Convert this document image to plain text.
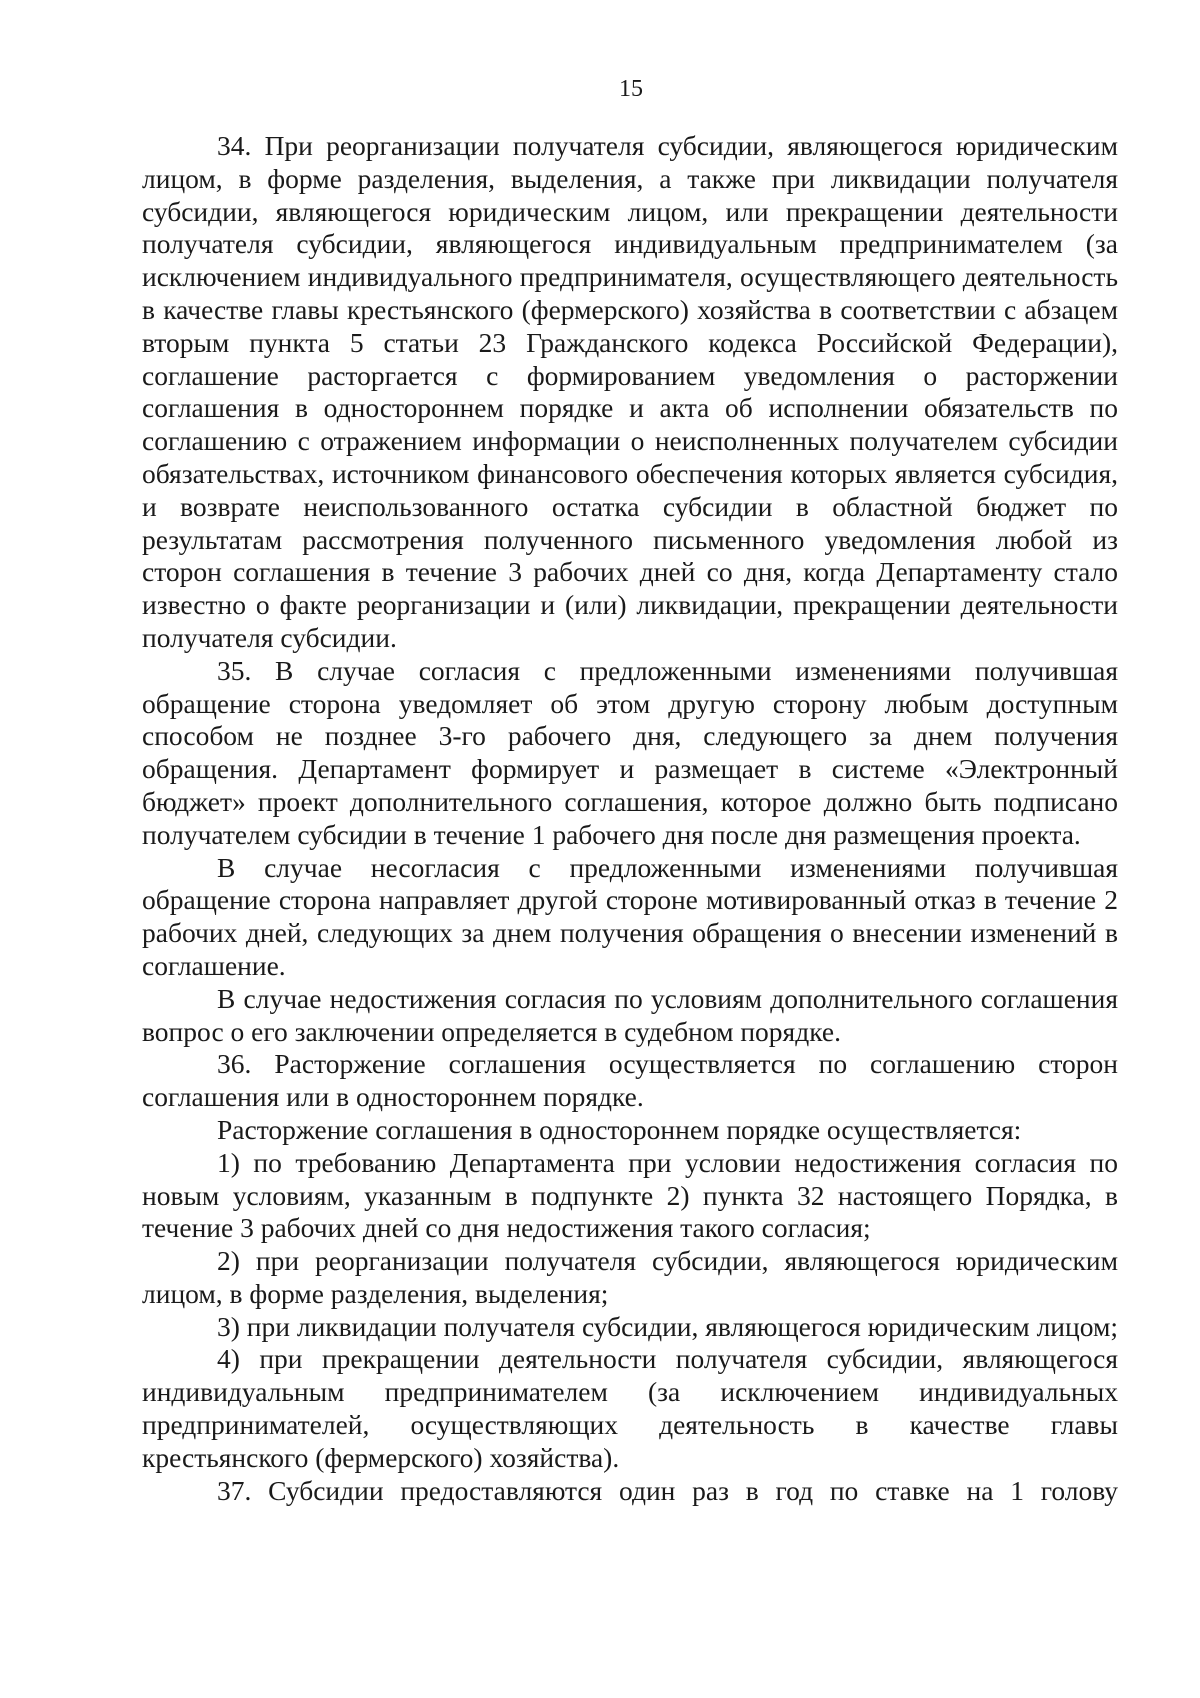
15

34. При реорганизации получателя субсидии, являющегося юридическим лицом, в форме разделения, выделения, а также при ликвидации получателя субсидии, являющегося юридическим лицом, или прекращении деятельности получателя субсидии, являющегося индивидуальным предпринимателем (за исключением индивидуального предпринимателя, осуществляющего деятельность в качестве главы крестьянского (фермерского) хозяйства в соответствии с абзацем вторым пункта 5 статьи 23 Гражданского кодекса Российской Федерации), соглашение расторгается с формированием уведомления о расторжении соглашения в одностороннем порядке и акта об исполнении обязательств по соглашению с отражением информации о неисполненных получателем субсидии обязательствах, источником финансового обеспечения которых является субсидия, и возврате неиспользованного остатка субсидии в областной бюджет по результатам рассмотрения полученного письменного уведомления любой из сторон соглашения в течение 3 рабочих дней со дня, когда Департаменту стало известно о факте реорганизации и (или) ликвидации, прекращении деятельности получателя субсидии.

35. В случае согласия с предложенными изменениями получившая обращение сторона уведомляет об этом другую сторону любым доступным способом не позднее 3-го рабочего дня, следующего за днем получения обращения. Департамент формирует и размещает в системе «Электронный бюджет» проект дополнительного соглашения, которое должно быть подписано получателем субсидии в течение 1 рабочего дня после дня размещения проекта.

В случае несогласия с предложенными изменениями получившая обращение сторона направляет другой стороне мотивированный отказ в течение 2 рабочих дней, следующих за днем получения обращения о внесении изменений в соглашение.

В случае недостижения согласия по условиям дополнительного соглашения вопрос о его заключении определяется в судебном порядке.

36. Расторжение соглашения осуществляется по соглашению сторон соглашения или в одностороннем порядке.

Расторжение соглашения в одностороннем порядке осуществляется:

1) по требованию Департамента при условии недостижения согласия по новым условиям, указанным в подпункте 2) пункта 32 настоящего Порядка, в течение 3 рабочих дней со дня недостижения такого согласия;

2) при реорганизации получателя субсидии, являющегося юридическим лицом, в форме разделения, выделения;

3) при ликвидации получателя субсидии, являющегося юридическим лицом;

4) при прекращении деятельности получателя субсидии, являющегося индивидуальным предпринимателем (за исключением индивидуальных предпринимателей, осуществляющих деятельность в качестве главы крестьянского (фермерского) хозяйства).

37. Субсидии предоставляются один раз в год по ставке на 1 голову
